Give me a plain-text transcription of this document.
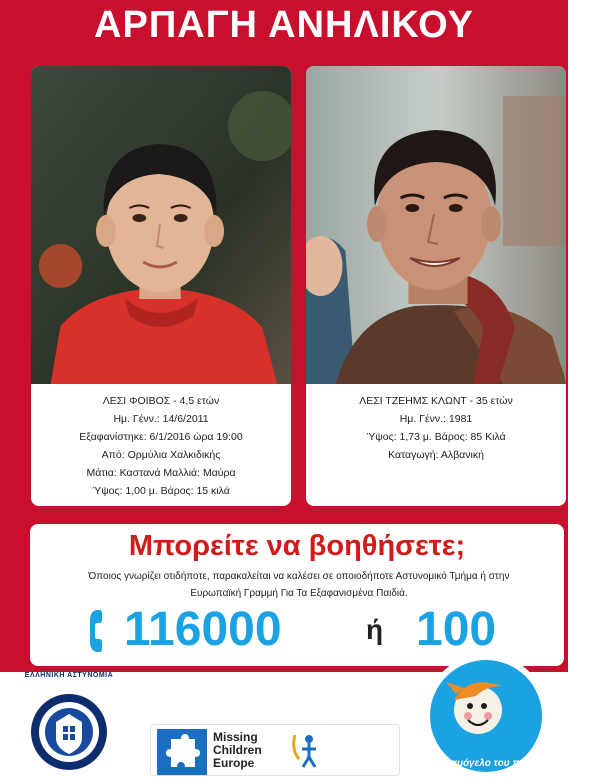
ΑΡΠΑΓΗ ΑΝΗΛΙΚΟΥ
ΛΕΣΙ ΦΟΙΒΟΣ - 4,5 ετών
Ημ. Γένν.: 14/6/2011
Εξαφανίστηκε: 6/1/2016 ώρα 19:00
Από: Ορμύλια Χαλκιδικής
Μάτια: Καστανά Μαλλιά: Μαύρα
Ύψος: 1,00 μ. Βάρος: 15 κιλά
ΛΕΣΙ ΤΖΕΗΜΣ ΚΛΩΝΤ - 35 ετών
Ημ. Γένν.: 1981
Ύψος: 1,73 μ. Βάρος: 85 Κιλά
Καταγωγή: Αλβανική
Μπορείτε να βοηθήσετε;
Όποιος γνωρίζει οτιδήποτε, παρακαλείται να καλέσει σε οποιοδήποτε Αστυνομικό Τμήμα ή στην
Ευρωπαϊκή Γραμμή Για Τα Εξαφανισμένα Παιδιά.
116000	ή 100
ΕΛΛΗΝΙΚΗ ΑΣΤΥΝΟΜΙΑ
Missing
Children
Europe	Το χαμόγελο του παιδιού
